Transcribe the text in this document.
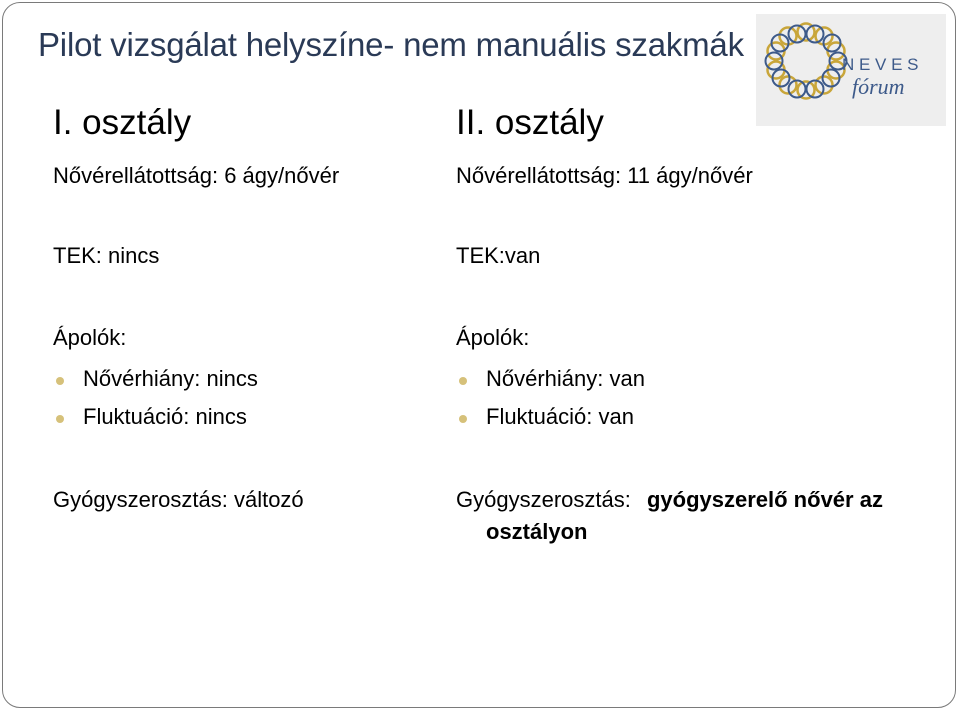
Pilot vizsgálat helyszíne- nem manuális szakmák
N E V E S
fórum
I. osztály
Nővérellátottság: 6 ágy/nővér
TEK: nincs
Ápolók:
Nővérhiány: nincs
Fluktuáció: nincs
Gyógyszerosztás: változó
II. osztály
Nővérellátottság: 11 ágy/nővér
TEK:van
Ápolók:
Nővérhiány: van
Fluktuáció: van
Gyógyszerosztás: gyógyszerelő nővér az
osztályon
